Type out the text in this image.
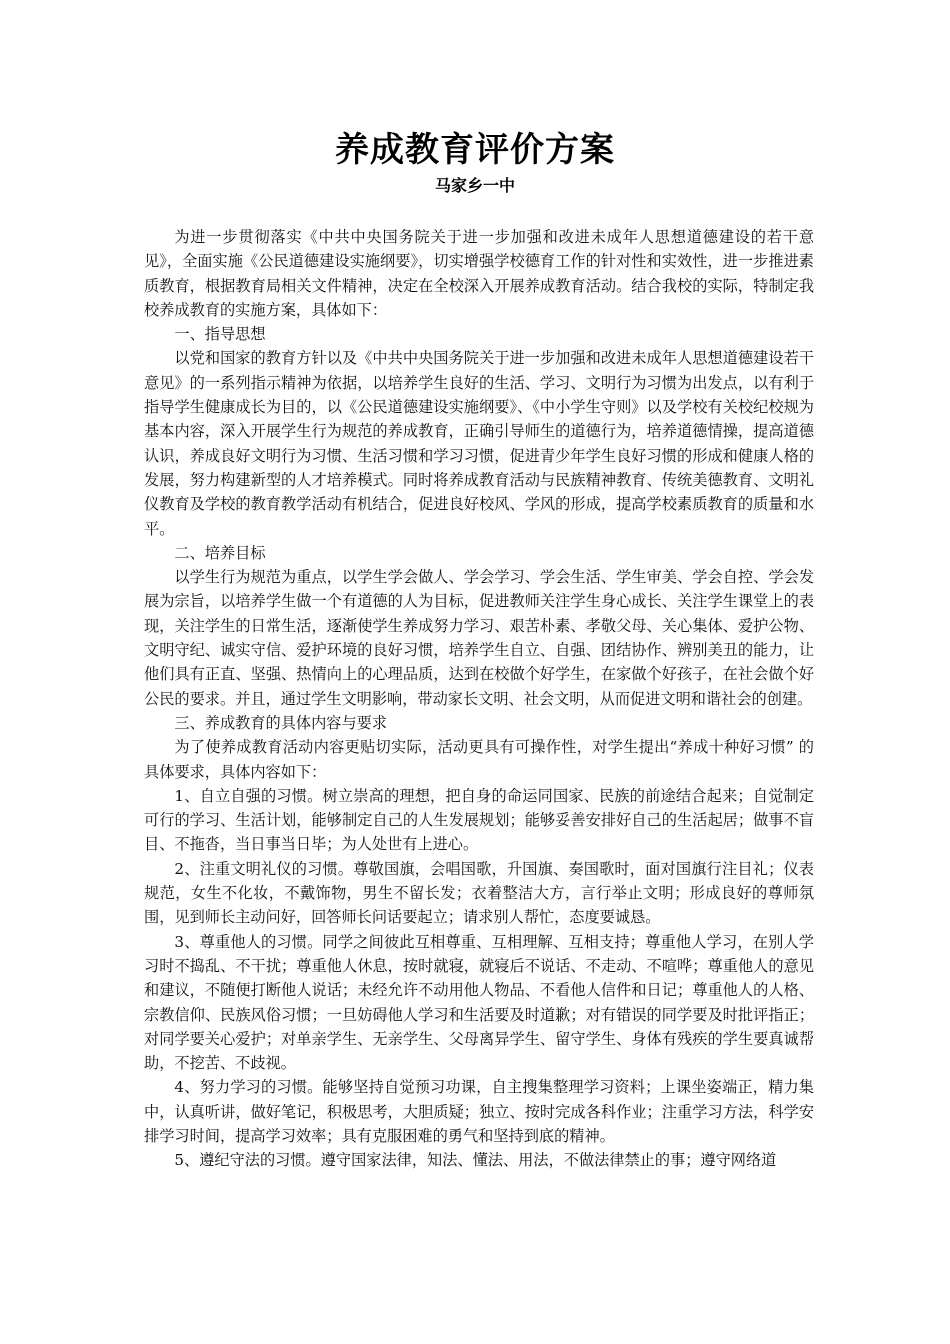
养成教育评价方案
马家乡一中

为进一步贯彻落实《中共中央国务院关于进一步加强和改进未成年人思想道德建设的若干意见》，全面实施《公民道德建设实施纲要》，切实增强学校德育工作的针对性和实效性，进一步推进素质教育，根据教育局相关文件精神，决定在全校深入开展养成教育活动。结合我校的实际，特制定我校养成教育的实施方案，具体如下：

一、指导思想

以党和国家的教育方针以及《中共中央国务院关于进一步加强和改进未成年人思想道德建设若干意见》的一系列指示精神为依据，以培养学生良好的生活、学习、文明行为习惯为出发点，以有利于指导学生健康成长为目的，以《公民道德建设实施纲要》、《中小学生守则》以及学校有关校纪校规为基本内容，深入开展学生行为规范的养成教育，正确引导师生的道德行为，培养道德情操，提高道德认识，养成良好文明行为习惯、生活习惯和学习习惯，促进青少年学生良好习惯的形成和健康人格的发展，努力构建新型的人才培养模式。同时将养成教育活动与民族精神教育、传统美德教育、文明礼仪教育及学校的教育教学活动有机结合，促进良好校风、学风的形成，提高学校素质教育的质量和水平。

二、培养目标

以学生行为规范为重点，以学生学会做人、学会学习、学会生活、学生审美、学会自控、学会发展为宗旨，以培养学生做一个有道德的人为目标，促进教师关注学生身心成长、关注学生课堂上的表现，关注学生的日常生活，逐渐使学生养成努力学习、艰苦朴素、孝敬父母、关心集体、爱护公物、文明守纪、诚实守信、爱护环境的良好习惯，培养学生自立、自强、团结协作、辨别美丑的能力，让他们具有正直、坚强、热情向上的心理品质，达到在校做个好学生，在家做个好孩子，在社会做个好公民的要求。并且，通过学生文明影响，带动家长文明、社会文明，从而促进文明和谐社会的创建。

三、养成教育的具体内容与要求

为了使养成教育活动内容更贴切实际，活动更具有可操作性，对学生提出“养成十种好习惯” 的具体要求，具体内容如下：

1、自立自强的习惯。树立崇高的理想，把自身的命运同国家、民族的前途结合起来；自觉制定可行的学习、生活计划，能够制定自己的人生发展规划；能够妥善安排好自己的生活起居；做事不盲目、不拖沓，当日事当日毕；为人处世有上进心。

2、注重文明礼仪的习惯。尊敬国旗，会唱国歌，升国旗、奏国歌时，面对国旗行注目礼；仪表规范，女生不化妆，不戴饰物，男生不留长发；衣着整洁大方，言行举止文明；形成良好的尊师氛围，见到师长主动问好，回答师长问话要起立；请求别人帮忙，态度要诚恳。

3、尊重他人的习惯。同学之间彼此互相尊重、互相理解、互相支持；尊重他人学习，在别人学习时不捣乱、不干扰；尊重他人休息，按时就寝，就寝后不说话、不走动、不喧哗；尊重他人的意见和建议，不随便打断他人说话；未经允许不动用他人物品、不看他人信件和日记；尊重他人的人格、宗教信仰、民族风俗习惯；一旦妨碍他人学习和生活要及时道歉；对有错误的同学要及时批评指正；对同学要关心爱护；对单亲学生、无亲学生、父母离异学生、留守学生、身体有残疾的学生要真诚帮助，不挖苦、不歧视。

4、努力学习的习惯。能够坚持自觉预习功课，自主搜集整理学习资料；上课坐姿端正，精力集中，认真听讲，做好笔记，积极思考，大胆质疑；独立、按时完成各科作业；注重学习方法，科学安排学习时间，提高学习效率；具有克服困难的勇气和坚持到底的精神。

5、遵纪守法的习惯。遵守国家法律，知法、懂法、用法，不做法律禁止的事；遵守网络道
